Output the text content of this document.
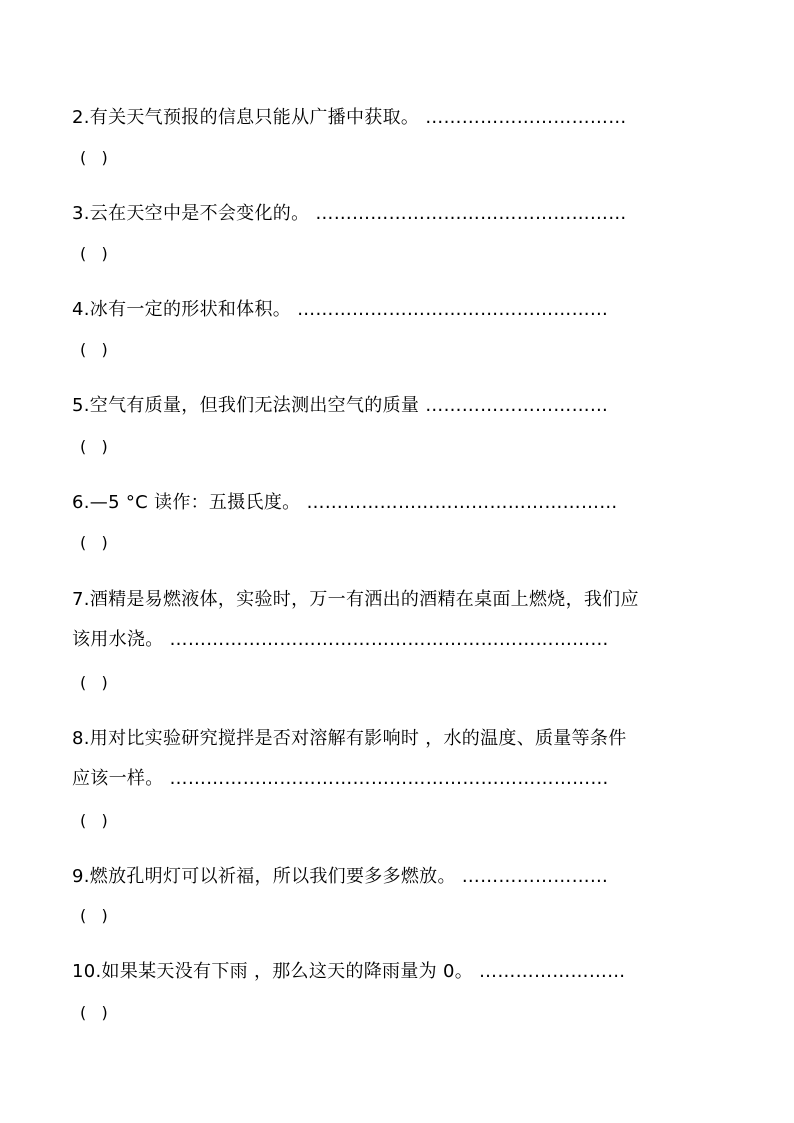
2.有关天气预报的信息只能从广播中获取。 ……………………………
(   )
3.云在天空中是不会变化的。 ……………………………………………
(   )
4.冰有一定的形状和体积。 ……………………………………………
(   )
5.空气有质量，但我们无法测出空气的质量 …………………………
(   )
6.—5 °C 读作：五摄氏度。 ……………………………………………
(   )
7.酒精是易燃液体，实验时，万一有洒出的酒精在桌面上燃烧，我们应
该用水浇。 ………………………………………………………………
(   )
8.用对比实验研究搅拌是否对溶解有影响时 ，水的温度、质量等条件
应该一样。 ………………………………………………………………
(   )
9.燃放孔明灯可以祈福，所以我们要多多燃放。 ……………………
(   )
10.如果某天没有下雨 ，那么这天的降雨量为 0。 ……………………
(   )
